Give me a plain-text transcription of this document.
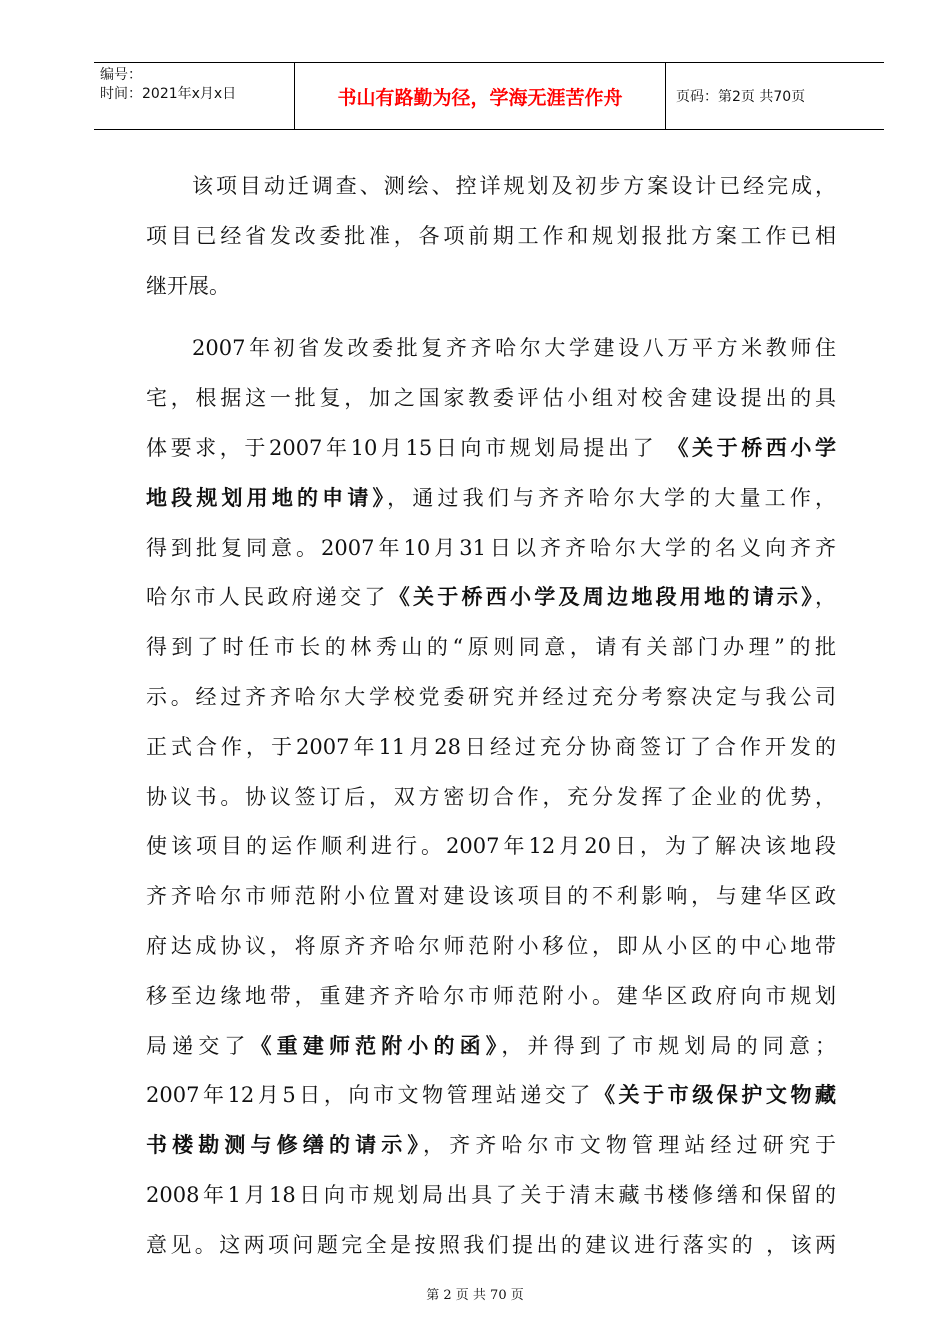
编号：
时间：2021年x月x日	书山有路勤为径，学海无涯苦作舟	页码：第2页 共70页
该项目动迁调查、测绘、控详规划及初步方案设计已经完成，
项目已经省发改委批准，各项前期工作和规划报批方案工作已相
继开展。
2007年初省发改委批复齐齐哈尔大学建设八万平方米教师住
宅，根据这一批复，加之国家教委评估小组对校舍建设提出的具
体要求，于2007年10月15日向市规划局提出了 《关于桥西小学
地段规划用地的申请》，通过我们与齐齐哈尔大学的大量工作，
得到批复同意。2007年10月31日以齐齐哈尔大学的名义向齐齐
哈尔市人民政府递交了《关于桥西小学及周边地段用地的请示》，
得到了时任市长的林秀山的“原则同意，请有关部门办理”的批
示。经过齐齐哈尔大学校党委研究并经过充分考察决定与我公司
正式合作，于2007年11月28日经过充分协商签订了合作开发的
协议书。协议签订后，双方密切合作，充分发挥了企业的优势，
使该项目的运作顺利进行。2007年12月20日，为了解决该地段
齐齐哈尔市师范附小位置对建设该项目的不利影响，与建华区政
府达成协议，将原齐齐哈尔师范附小移位，即从小区的中心地带
移至边缘地带，重建齐齐哈尔市师范附小。建华区政府向市规划
局递交了《重建师范附小的函》，并得到了市规划局的同意；
2007年12月5日，向市文物管理站递交了《关于市级保护文物藏
书楼勘测与修缮的请示》，齐齐哈尔市文物管理站经过研究于
2008年1月18日向市规划局出具了关于清末藏书楼修缮和保留的
意见。这两项问题完全是按照我们提出的建议进行落实的 ，该两
第 2 页 共 70 页
